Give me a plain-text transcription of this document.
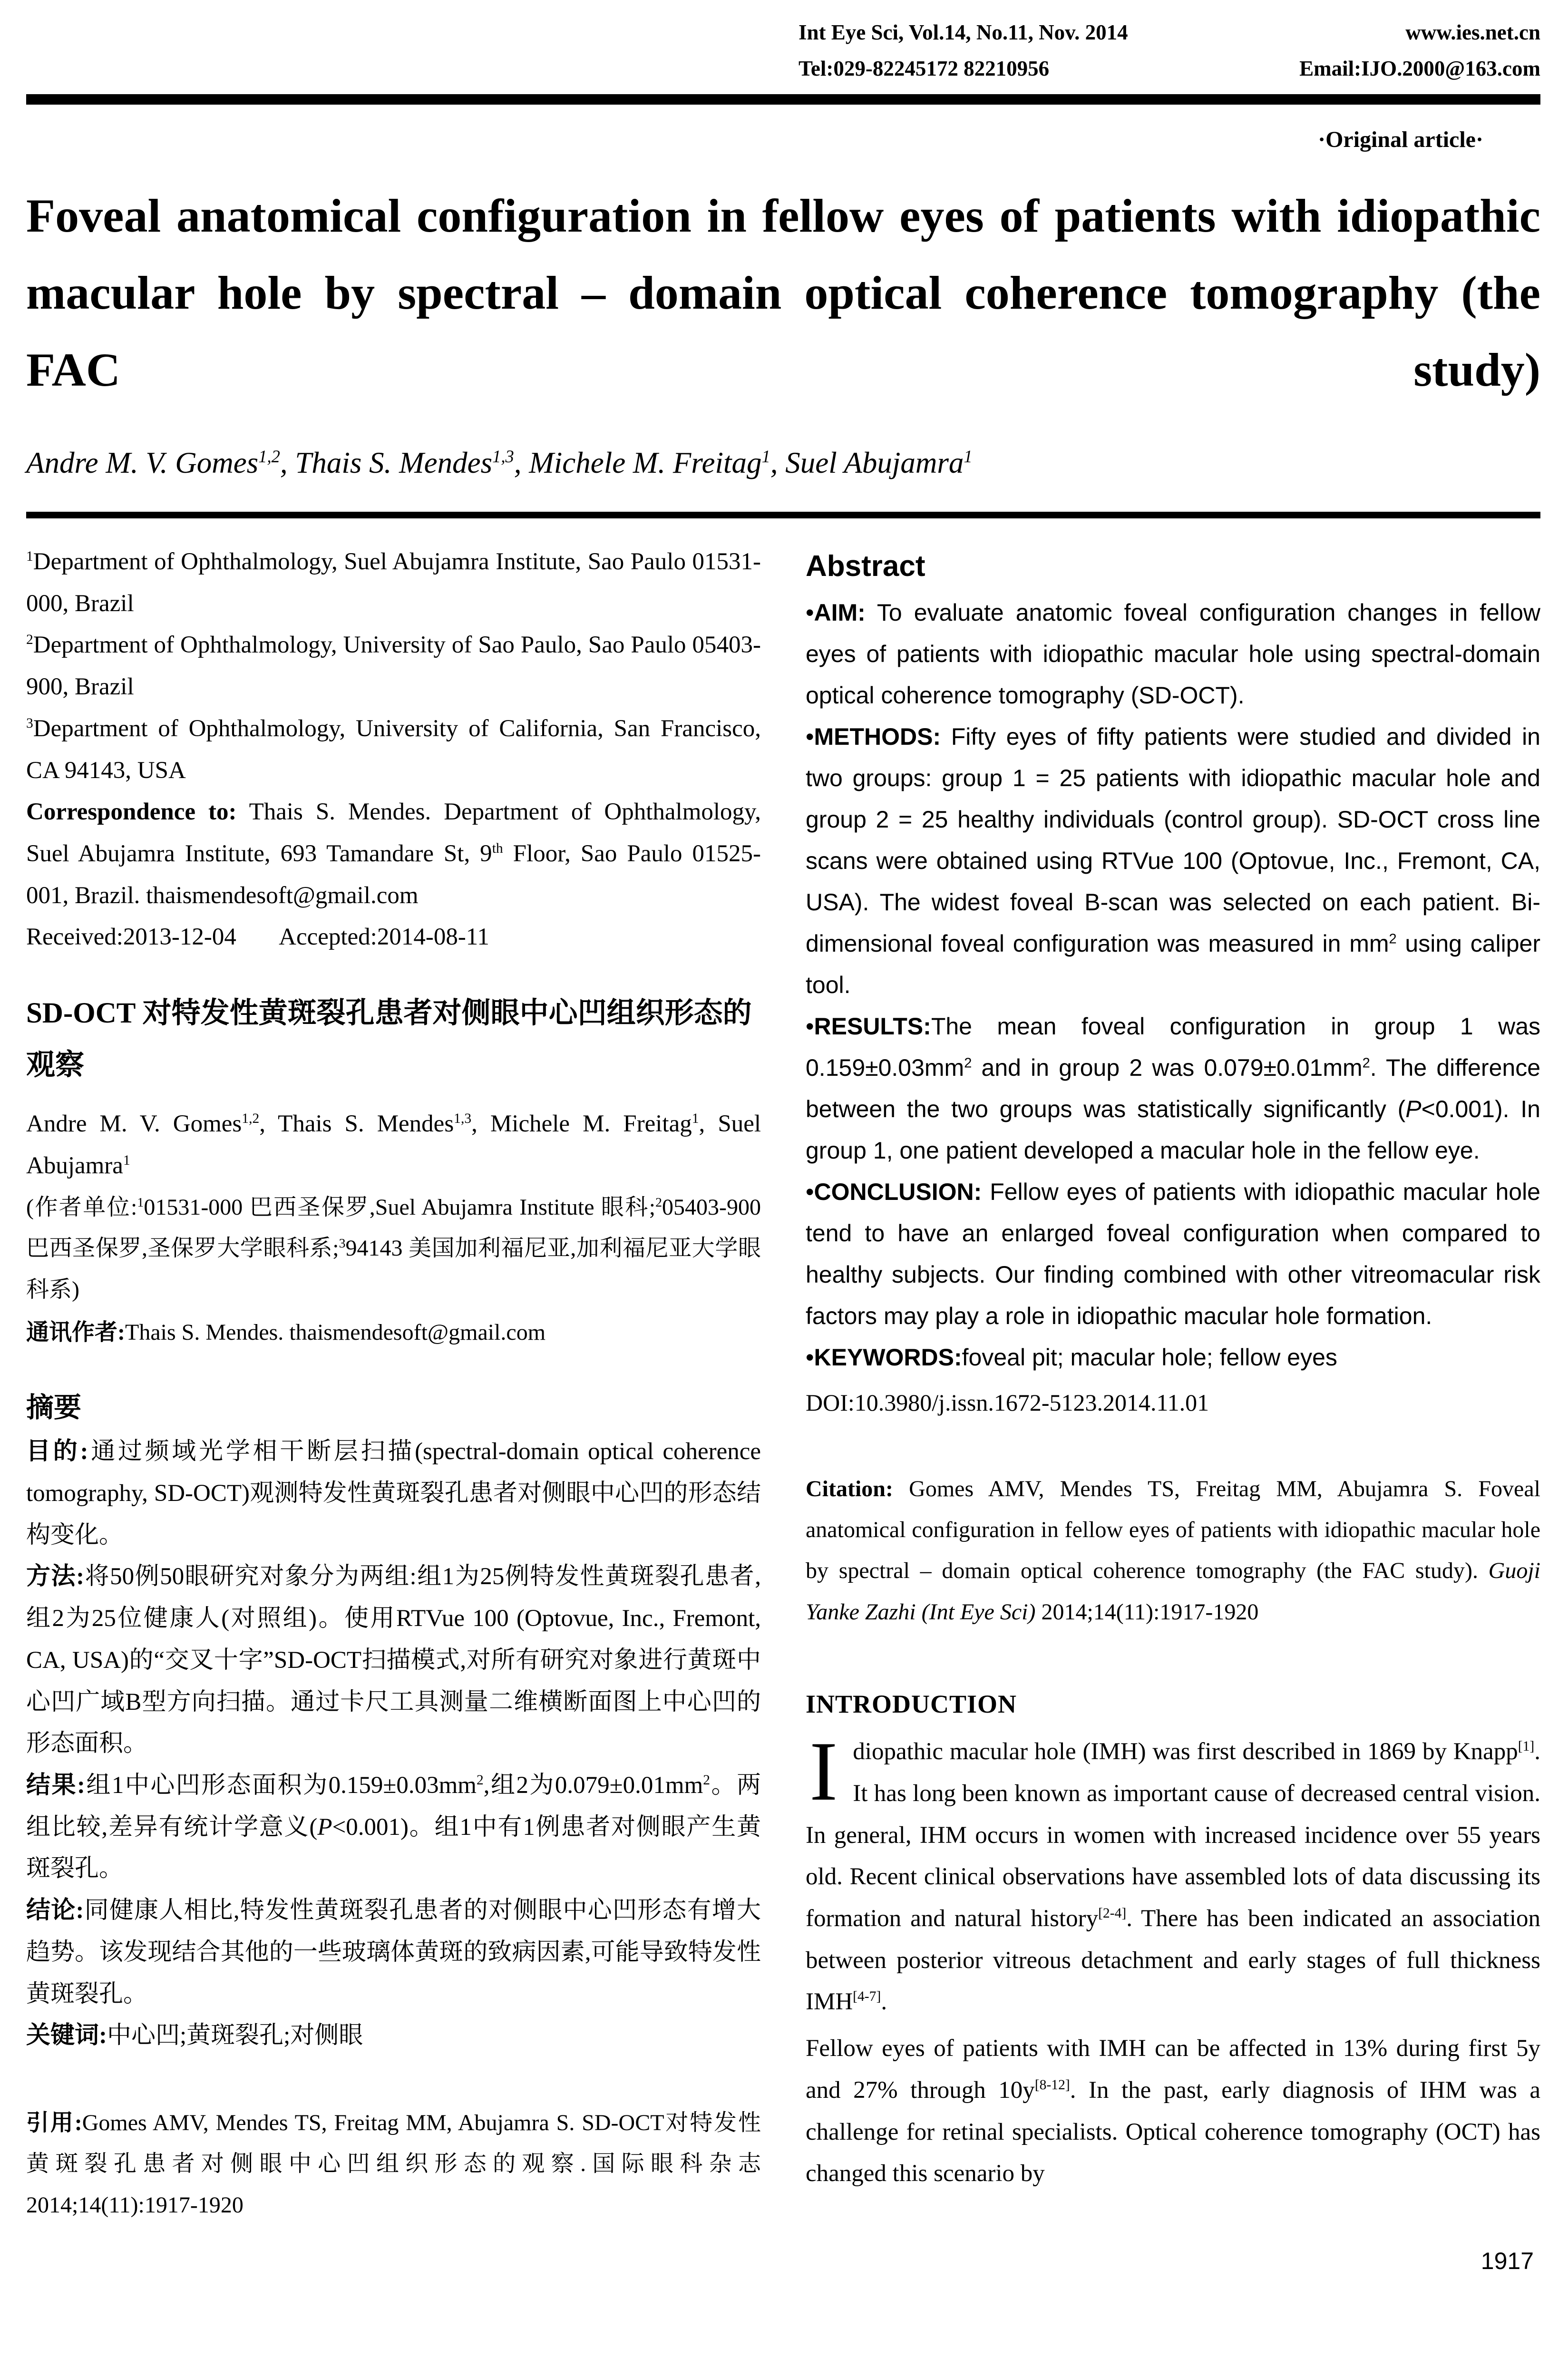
Int Eye Sci, Vol.14, No.11, Nov. 2014	www.ies.net.cn
Tel:029-82245172 82210956	Email:IJO.2000@163.com
·Original article·
Foveal anatomical configuration in fellow eyes of patients with idiopathic macular hole by spectral – domain optical coherence tomography (the FAC study)
Andre M. V. Gomes$^{1,2}$, Thais S. Mendes$^{1,3}$, Michele M. Freitag$^1$, Suel Abujamra$^1$

$^1$Department of Ophthalmology, Suel Abujamra Institute, Sao Paulo 01531-000, Brazil

$^2$Department of Ophthalmology, University of Sao Paulo, Sao Paulo 05403-900, Brazil

$^3$Department of Ophthalmology, University of California, San Francisco, CA 94143, USA

Correspondence to: Thais S. Mendes. Department of Ophthalmology, Suel Abujamra Institute, 693 Tamandare St, 9th Floor, Sao Paulo 01525-001, Brazil. thaismendesoft@gmail.com

Received:2013-12-04       Accepted:2014-08-11

SD-OCT 对特发性黄斑裂孔患者对侧眼中心凹组织形态的观察

Andre M. V. Gomes$^{1,2}$, Thais S. Mendes$^{1,3}$, Michele M. Freitag$^1$, Suel Abujamra$^1$

(作者单位:$^1$01531-000 巴西圣保罗,Suel Abujamra Institute 眼科;$^2$05403-900 巴西圣保罗,圣保罗大学眼科系;$^3$94143 美国加利福尼亚,加利福尼亚大学眼科系)

通讯作者:Thais S. Mendes. thaismendesoft@gmail.com

摘要

目的:通过频域光学相干断层扫描(spectral-domain optical coherence tomography, SD-OCT)观测特发性黄斑裂孔患者对侧眼中心凹的形态结构变化。

方法:将50例50眼研究对象分为两组:组1为25例特发性黄斑裂孔患者,组2为25位健康人(对照组)。使用RTVue 100 (Optovue, Inc., Fremont, CA, USA)的“交叉十字”SD-OCT扫描模式,对所有研究对象进行黄斑中心凹广域B型方向扫描。通过卡尺工具测量二维横断面图上中心凹的形态面积。

结果:组1中心凹形态面积为$0.159\pm 0.03mm^2$,组2为$0.079\pm 0.01mm^2$。两组比较,差异有统计学意义(P<0.001)。组1中有1例患者对侧眼产生黄斑裂孔。

结论:同健康人相比,特发性黄斑裂孔患者的对侧眼中心凹形态有增大趋势。该发现结合其他的一些玻璃体黄斑的致病因素,可能导致特发性黄斑裂孔。

关键词:中心凹;黄斑裂孔;对侧眼

引用:Gomes AMV, Mendes TS, Freitag MM, Abujamra S. SD-OCT对特发性黄斑裂孔患者对侧眼中心凹组织形态的观察.国际眼科杂志2014;14(11):1917-1920

Abstract

•AIM: To evaluate anatomic foveal configuration changes in fellow eyes of patients with idiopathic macular hole using spectral-domain optical coherence tomography (SD-OCT).

•METHODS: Fifty eyes of fifty patients were studied and divided in two groups: group 1 = 25 patients with idiopathic macular hole and group 2 = 25 healthy individuals (control group). SD-OCT cross line scans were obtained using RTVue 100 (Optovue, Inc., Fremont, CA, USA). The widest foveal B-scan was selected on each patient. Bi-dimensional foveal configuration was measured in $mm^2$ using caliper tool.

•RESULTS:The mean foveal configuration in group 1 was $0.159\pm 0.03mm^2$ and in group 2 was $0.079\pm 0.01mm^2$. The difference between the two groups was statistically significantly (P<0.001). In group 1, one patient developed a macular hole in the fellow eye.

•CONCLUSION: Fellow eyes of patients with idiopathic macular hole tend to have an enlarged foveal configuration when compared to healthy subjects. Our finding combined with other vitreomacular risk factors may play a role in idiopathic macular hole formation.

•KEYWORDS:foveal pit; macular hole; fellow eyes

DOI:10.3980/j.issn.1672-5123.2014.11.01

Citation: Gomes AMV, Mendes TS, Freitag MM, Abujamra S. Foveal anatomical configuration in fellow eyes of patients with idiopathic macular hole by spectral – domain optical coherence tomography (the FAC study). Guoji Yanke Zazhi (Int Eye Sci) 2014;14(11):1917-1920

INTRODUCTION

Idiopathic macular hole (IMH) was first described in 1869 by Knapp[1]. It has long been known as important cause of decreased central vision. In general, IHM occurs in women with increased incidence over 55 years old. Recent clinical observations have assembled lots of data discussing its formation and natural history[2-4]. There has been indicated an association between posterior vitreous detachment and early stages of full thickness IMH[4-7].

Fellow eyes of patients with IMH can be affected in 13% during first 5y and 27% through 10y[8-12]. In the past, early diagnosis of IHM was a challenge for retinal specialists. Optical coherence tomography (OCT) has changed this scenario by

1917
